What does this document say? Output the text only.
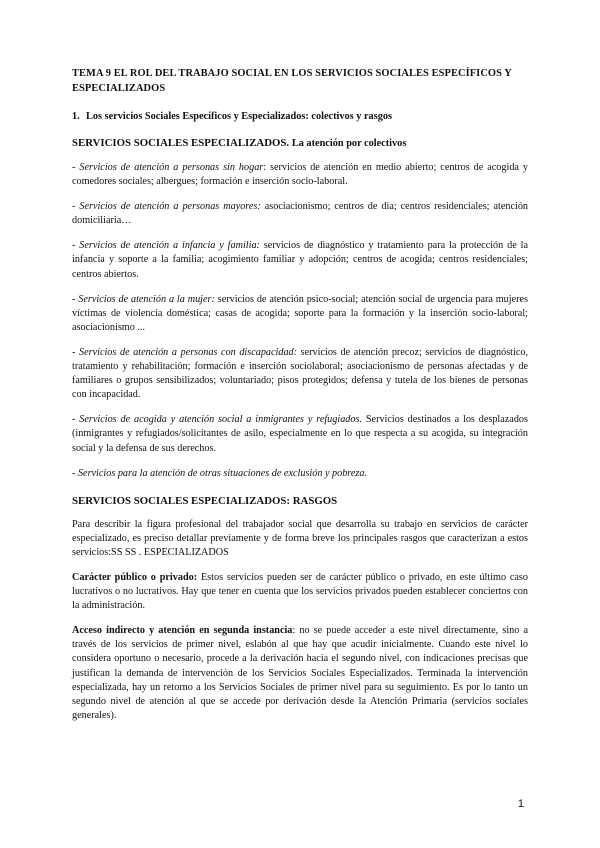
TEMA 9 EL ROL DEL TRABAJO SOCIAL EN LOS SERVICIOS SOCIALES ESPECÍFICOS Y ESPECIALIZADOS
1. Los servicios Sociales Específicos y Especializados: colectivos y rasgos
SERVICIOS SOCIALES ESPECIALIZADOS. La atención por colectivos

- Servicios de atención a personas sin hogar: servicios de atención en medio abierto; centros de acogida y comedores sociales; albergues; formación e inserción socio-laboral.

- Servicios de atención a personas mayores: asociacionismo; centros de día; centros residenciales; atención domiciliaria…

- Servicios de atención a infancia y familia: servicios de diagnóstico y tratamiento para la protección de la infancia y soporte a la familia; acogimiento familiar y adopción; centros de acogida; centros residenciales; centros abiertos.

- Servicios de atención a la mujer: servicios de atención psico-social; atención social de urgencia para mujeres víctimas de violencia doméstica; casas de acogida; soporte para la formación y la inserción socio-laboral; asociacionismo ...

- Servicios de atención a personas con discapacidad: servicios de atención precoz; servicios de diagnóstico, tratamiento y rehabilitación; formación e inserción sociolaboral; asociacionismo de personas afectadas y de familiares o grupos sensibilizados; voluntariado; pisos protegidos; defensa y tutela de los bienes de personas con incapacidad.

- Servicios de acogida y atención social a inmigrantes y refugiados. Servicios destinados a los desplazados (inmigrantes y refugiados/solicitantes de asilo, especialmente en lo que respecta a su acogida, su integración social y la defensa de sus derechos.

- Servicios para la atención de otras situaciones de exclusión y pobreza.

SERVICIOS SOCIALES ESPECIALIZADOS: RASGOS

Para describir la figura profesional del trabajador social que desarrolla su trabajo en servicios de carácter especializado, es preciso detallar previamente y de forma breve los principales rasgos que caracterizan a estos servicios:SS SS . ESPECIALIZADOS

Carácter público o privado: Estos servicios pueden ser de carácter público o privado, en este último caso lucrativos o no lucrativos. Hay que tener en cuenta que los servicios privados pueden establecer conciertos con la administración.

Acceso indirecto y atención en segunda instancia: no se puede acceder a este nivel directamente, sino a través de los servicios de primer nivel, eslabón al que hay que acudir inicialmente. Cuando este nivel lo considera oportuno o necesario, procede a la derivación hacia el segundo nivel, con indicaciones precisas que justifican la demanda de intervención de los Servicios Sociales Especializados. Terminada la intervención especializada, hay un retorno a los Servicios Sociales de primer nivel para su seguimiento. Es por lo tanto un segundo nivel de atención al que se accede por derivación desde la Atención Primaria (servicios sociales generales).

1
